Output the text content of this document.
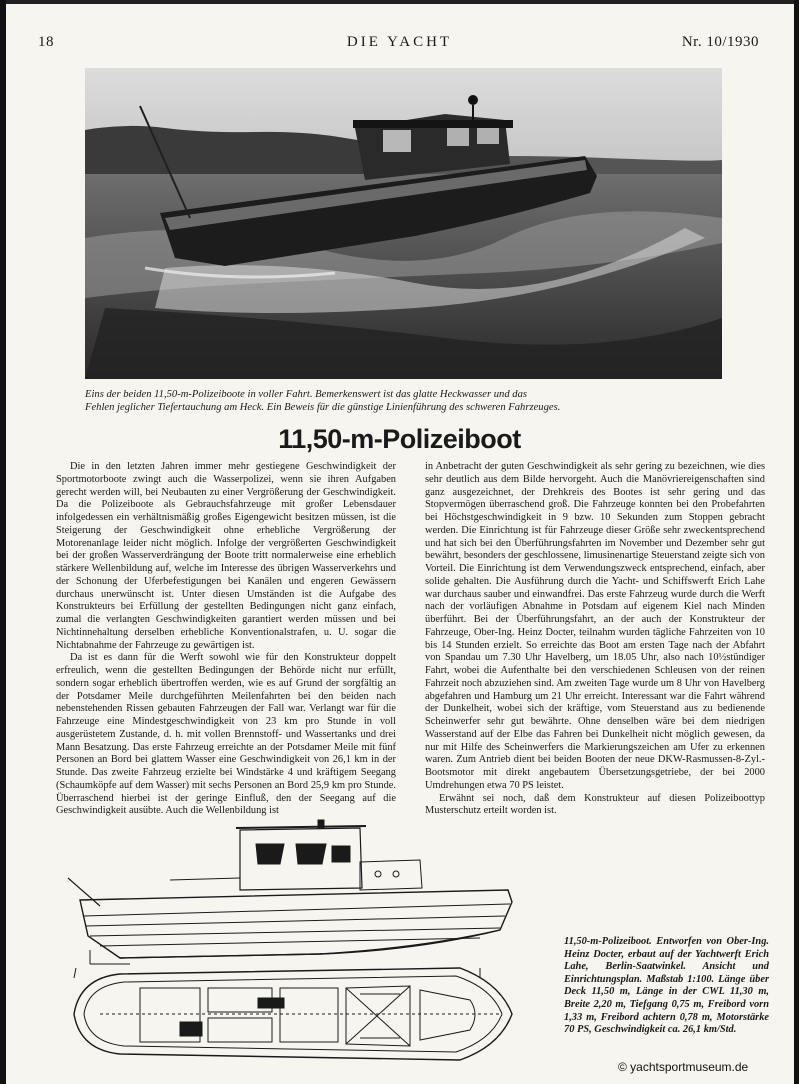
18	DIE YACHT	Nr. 10/1930
Eins der beiden 11,50-m-Polizeiboote in voller Fahrt. Bemerkenswert ist das glatte Heckwasser und das
Fehlen jeglicher Tiefertauchung am Heck. Ein Beweis für die günstige Linienführung des schweren Fahrzeuges.
11,50-m-Polizeiboot

Die in den letzten Jahren immer mehr gestiegene Geschwindigkeit der Sportmotorboote zwingt auch die Wasserpolizei, wenn sie ihren Aufgaben gerecht werden will, bei Neubauten zu einer Vergrößerung der Geschwindigkeit. Da die Polizeiboote als Gebrauchsfahrzeuge mit großer Lebensdauer infolgedessen ein verhältnismäßig großes Eigengewicht besitzen müssen, ist die Steigerung der Geschwindigkeit ohne erhebliche Vergrößerung der Motorenanlage leider nicht möglich. Infolge der vergrößerten Geschwindigkeit bei der großen Wasserverdrängung der Boote tritt normalerweise eine erheblich stärkere Wellenbildung auf, welche im Interesse des übrigen Wasserverkehrs und der Schonung der Uferbefestigungen bei Kanälen und engeren Gewässern durchaus unerwünscht ist. Unter diesen Umständen ist die Aufgabe des Konstrukteurs bei Erfüllung der gestellten Bedingungen nicht ganz einfach, zumal die verlangten Geschwindigkeiten garantiert werden müssen und bei Nichtinnehaltung derselben erhebliche Konventionalstrafen, u. U. sogar die Nichtabnahme der Fahrzeuge zu gewärtigen ist.

Da ist es dann für die Werft sowohl wie für den Konstrukteur doppelt erfreulich, wenn die gestellten Bedingungen der Behörde nicht nur erfüllt, sondern sogar erheblich übertroffen werden, wie es auf Grund der sorgfältig an der Potsdamer Meile durchgeführten Meilenfahrten bei den beiden nach nebenstehenden Rissen gebauten Fahrzeugen der Fall war. Verlangt war für die Fahrzeuge eine Mindestgeschwindigkeit von 23 km pro Stunde in voll ausgerüstetem Zustande, d. h. mit vollen Brennstoff- und Wassertanks und drei Mann Besatzung. Das erste Fahrzeug erreichte an der Potsdamer Meile mit fünf Personen an Bord bei glattem Wasser eine Geschwindigkeit von 26,1 km in der Stunde. Das zweite Fahrzeug erzielte bei Windstärke 4 und kräftigem Seegang (Schaumköpfe auf dem Wasser) mit sechs Personen an Bord 25,9 km pro Stunde. Überraschend hierbei ist der geringe Einfluß, den der Seegang auf die Geschwindigkeit ausübte. Auch die Wellenbildung ist

in Anbetracht der guten Geschwindigkeit als sehr gering zu bezeichnen, wie dies sehr deutlich aus dem Bilde hervorgeht. Auch die Manövriereigenschaften sind ganz ausgezeichnet, der Drehkreis des Bootes ist sehr gering und das Stopvermögen überraschend groß. Die Fahrzeuge konnten bei den Probefahrten bei Höchstgeschwindigkeit in 9 bzw. 10 Sekunden zum Stoppen gebracht werden. Die Einrichtung ist für Fahrzeuge dieser Größe sehr zweckentsprechend und hat sich bei den Überführungsfahrten im November und Dezember sehr gut bewährt, besonders der geschlossene, limusinenartige Steuerstand zeigte sich von Vorteil. Die Einrichtung ist dem Verwendungszweck entsprechend, einfach, aber solide gehalten. Die Ausführung durch die Yacht- und Schiffswerft Erich Lahe war durchaus sauber und einwandfrei. Das erste Fahrzeug wurde durch die Werft nach der vorläufigen Abnahme in Potsdam auf eigenem Kiel nach Minden überführt. Bei der Überführungsfahrt, an der auch der Konstrukteur der Fahrzeuge, Ober-Ing. Heinz Docter, teilnahm wurden tägliche Fahrzeiten von 10 bis 14 Stunden erzielt. So erreichte das Boot am ersten Tage nach der Abfahrt von Spandau um 7.30 Uhr Havelberg, um 18.05 Uhr, also nach 10½stündiger Fahrt, wobei die Aufenthalte bei den verschiedenen Schleusen von der reinen Fahrzeit noch abzuziehen sind. Am zweiten Tage wurde um 8 Uhr von Havelberg abgefahren und Hamburg um 21 Uhr erreicht. Interessant war die Fahrt während der Dunkelheit, wobei sich der kräftige, vom Steuerstand aus zu bedienende Scheinwerfer sehr gut bewährte. Ohne denselben wäre bei dem niedrigen Wasserstand auf der Elbe das Fahren bei Dunkelheit nicht möglich gewesen, da nur mit Hilfe des Scheinwerfers die Markierungszeichen am Ufer zu erkennen waren. Zum Antrieb dient bei beiden Booten der neue DKW-Rasmussen-8-Zyl.-Bootsmotor mit direkt angebautem Übersetzungsgetriebe, der bei 2000 Umdrehungen etwa 70 PS leistet.

Erwähnt sei noch, daß dem Konstrukteur auf diesen Polizeiboottyp Musterschutz erteilt worden ist.

11,50-m-Polizeiboot. Entworfen von Ober-Ing. Heinz Docter, erbaut auf der Yachtwerft Erich Lahe, Berlin-Saatwinkel. Ansicht und Einrichtungsplan. Maßstab 1:100. Länge über Deck 11,50 m, Länge in der CWL 11,30 m, Breite 2,20 m, Tiefgang 0,75 m, Freibord vorn 1,33 m, Freibord achtern 0,78 m, Motorstärke 70 PS, Geschwindigkeit ca. 26,1 km/Std.
© yachtsportmuseum.de
